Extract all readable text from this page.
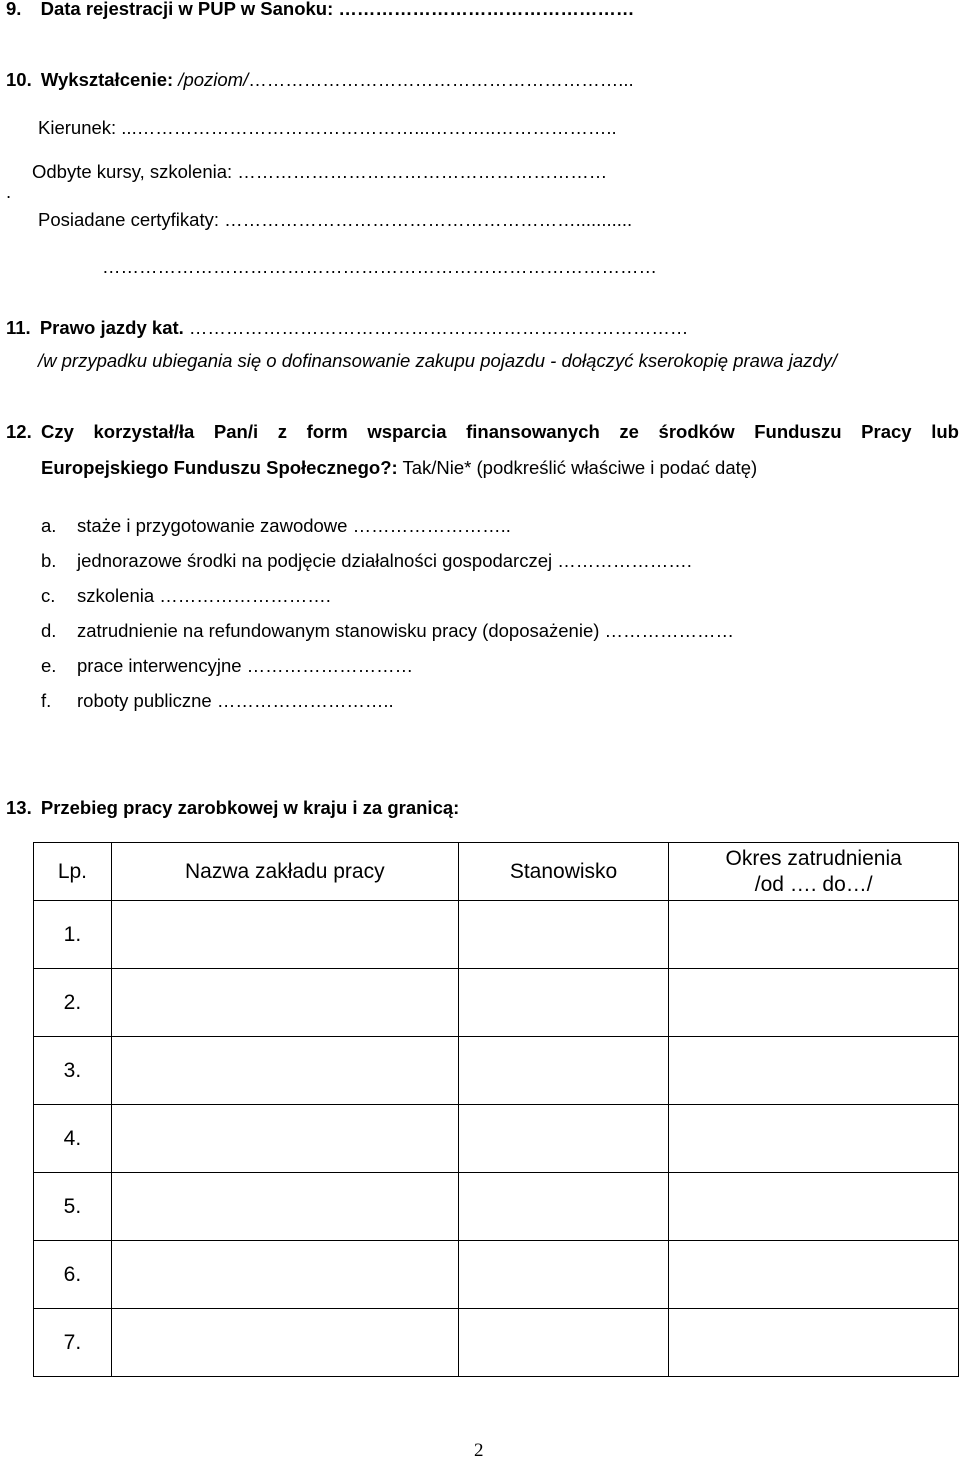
9. Data rejestracji w PUP w Sanoku: …………………………………………
10. Wykształcenie: /poziom/……………………………………………………...
Kierunek: ...………………………………………...………..………………..
Odbyte kursy, szkolenia: ……………………………………………………
.
Posiadane certyfikaty: …………………………………………………...........
………………………………………………………………………………
11. Prawo jazdy kat. ………………………………………………………………………
/w przypadku ubiegania się o dofinansowanie zakupu pojazdu - dołączyć kserokopię prawa jazdy/
12. Czy korzystał/ła Pan/i z form wsparcia finansowanych ze środków Funduszu Pracy lub
Europejskiego Funduszu Społecznego?: Tak/Nie* (podkreślić właściwe i podać datę)
a. staże i przygotowanie zawodowe ……………………..
b. jednorazowe środki na podjęcie działalności gospodarczej ………………….
c. szkolenia ……………………….
d. zatrudnienie na refundowanym stanowisku pracy (doposażenie) …………………
e. prace interwencyjne ………………………
f. roboty publiczne ………………………..
13. Przebieg pracy zarobkowej w kraju i za granicą:
Lp.	Nazwa zakładu pracy	Stanowisko	Okres zatrudnienia
/od …. do…/

1.			
2.			
3.			
4.			
5.			
6.			
7.			
2
